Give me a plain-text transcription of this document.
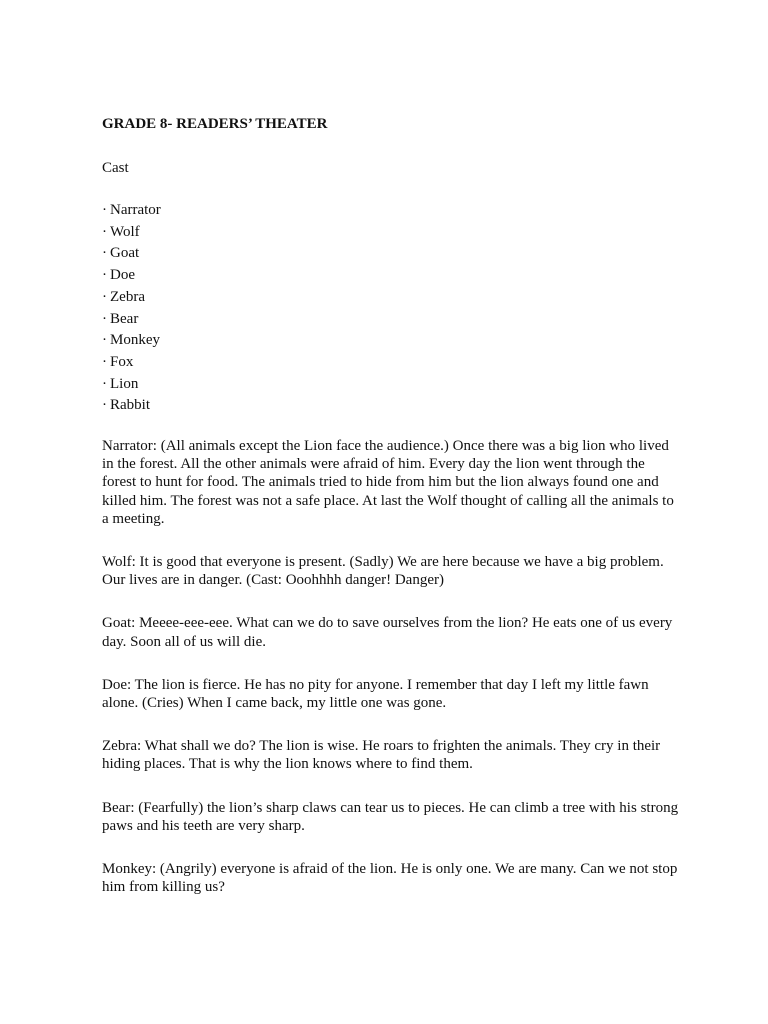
GRADE 8- READERS’ THEATER
Cast
· Narrator
· Wolf
· Goat
· Doe
· Zebra
· Bear
· Monkey
· Fox
· Lion
· Rabbit

Narrator: (All animals except the Lion face the audience.) Once there was a big lion who lived in the forest. All the other animals were afraid of him. Every day the lion went through the forest to hunt for food. The animals tried to hide from him but the lion always found one and killed him. The forest was not a safe place. At last the Wolf thought of calling all the animals to a meeting.

Wolf: It is good that everyone is present. (Sadly) We are here because we have a big problem. Our lives are in danger. (Cast: Ooohhhh danger! Danger)

Goat: Meeee-eee-eee. What can we do to save ourselves from the lion? He eats one of us every day. Soon all of us will die.

Doe: The lion is fierce. He has no pity for anyone. I remember that day I left my little fawn alone. (Cries) When I came back, my little one was gone.

Zebra: What shall we do? The lion is wise. He roars to frighten the animals. They cry in their hiding places. That is why the lion knows where to find them.

Bear: (Fearfully) the lion’s sharp claws can tear us to pieces. He can climb a tree with his strong paws and his teeth are very sharp.

Monkey: (Angrily) everyone is afraid of the lion. He is only one. We are many. Can we not stop him from killing us?
